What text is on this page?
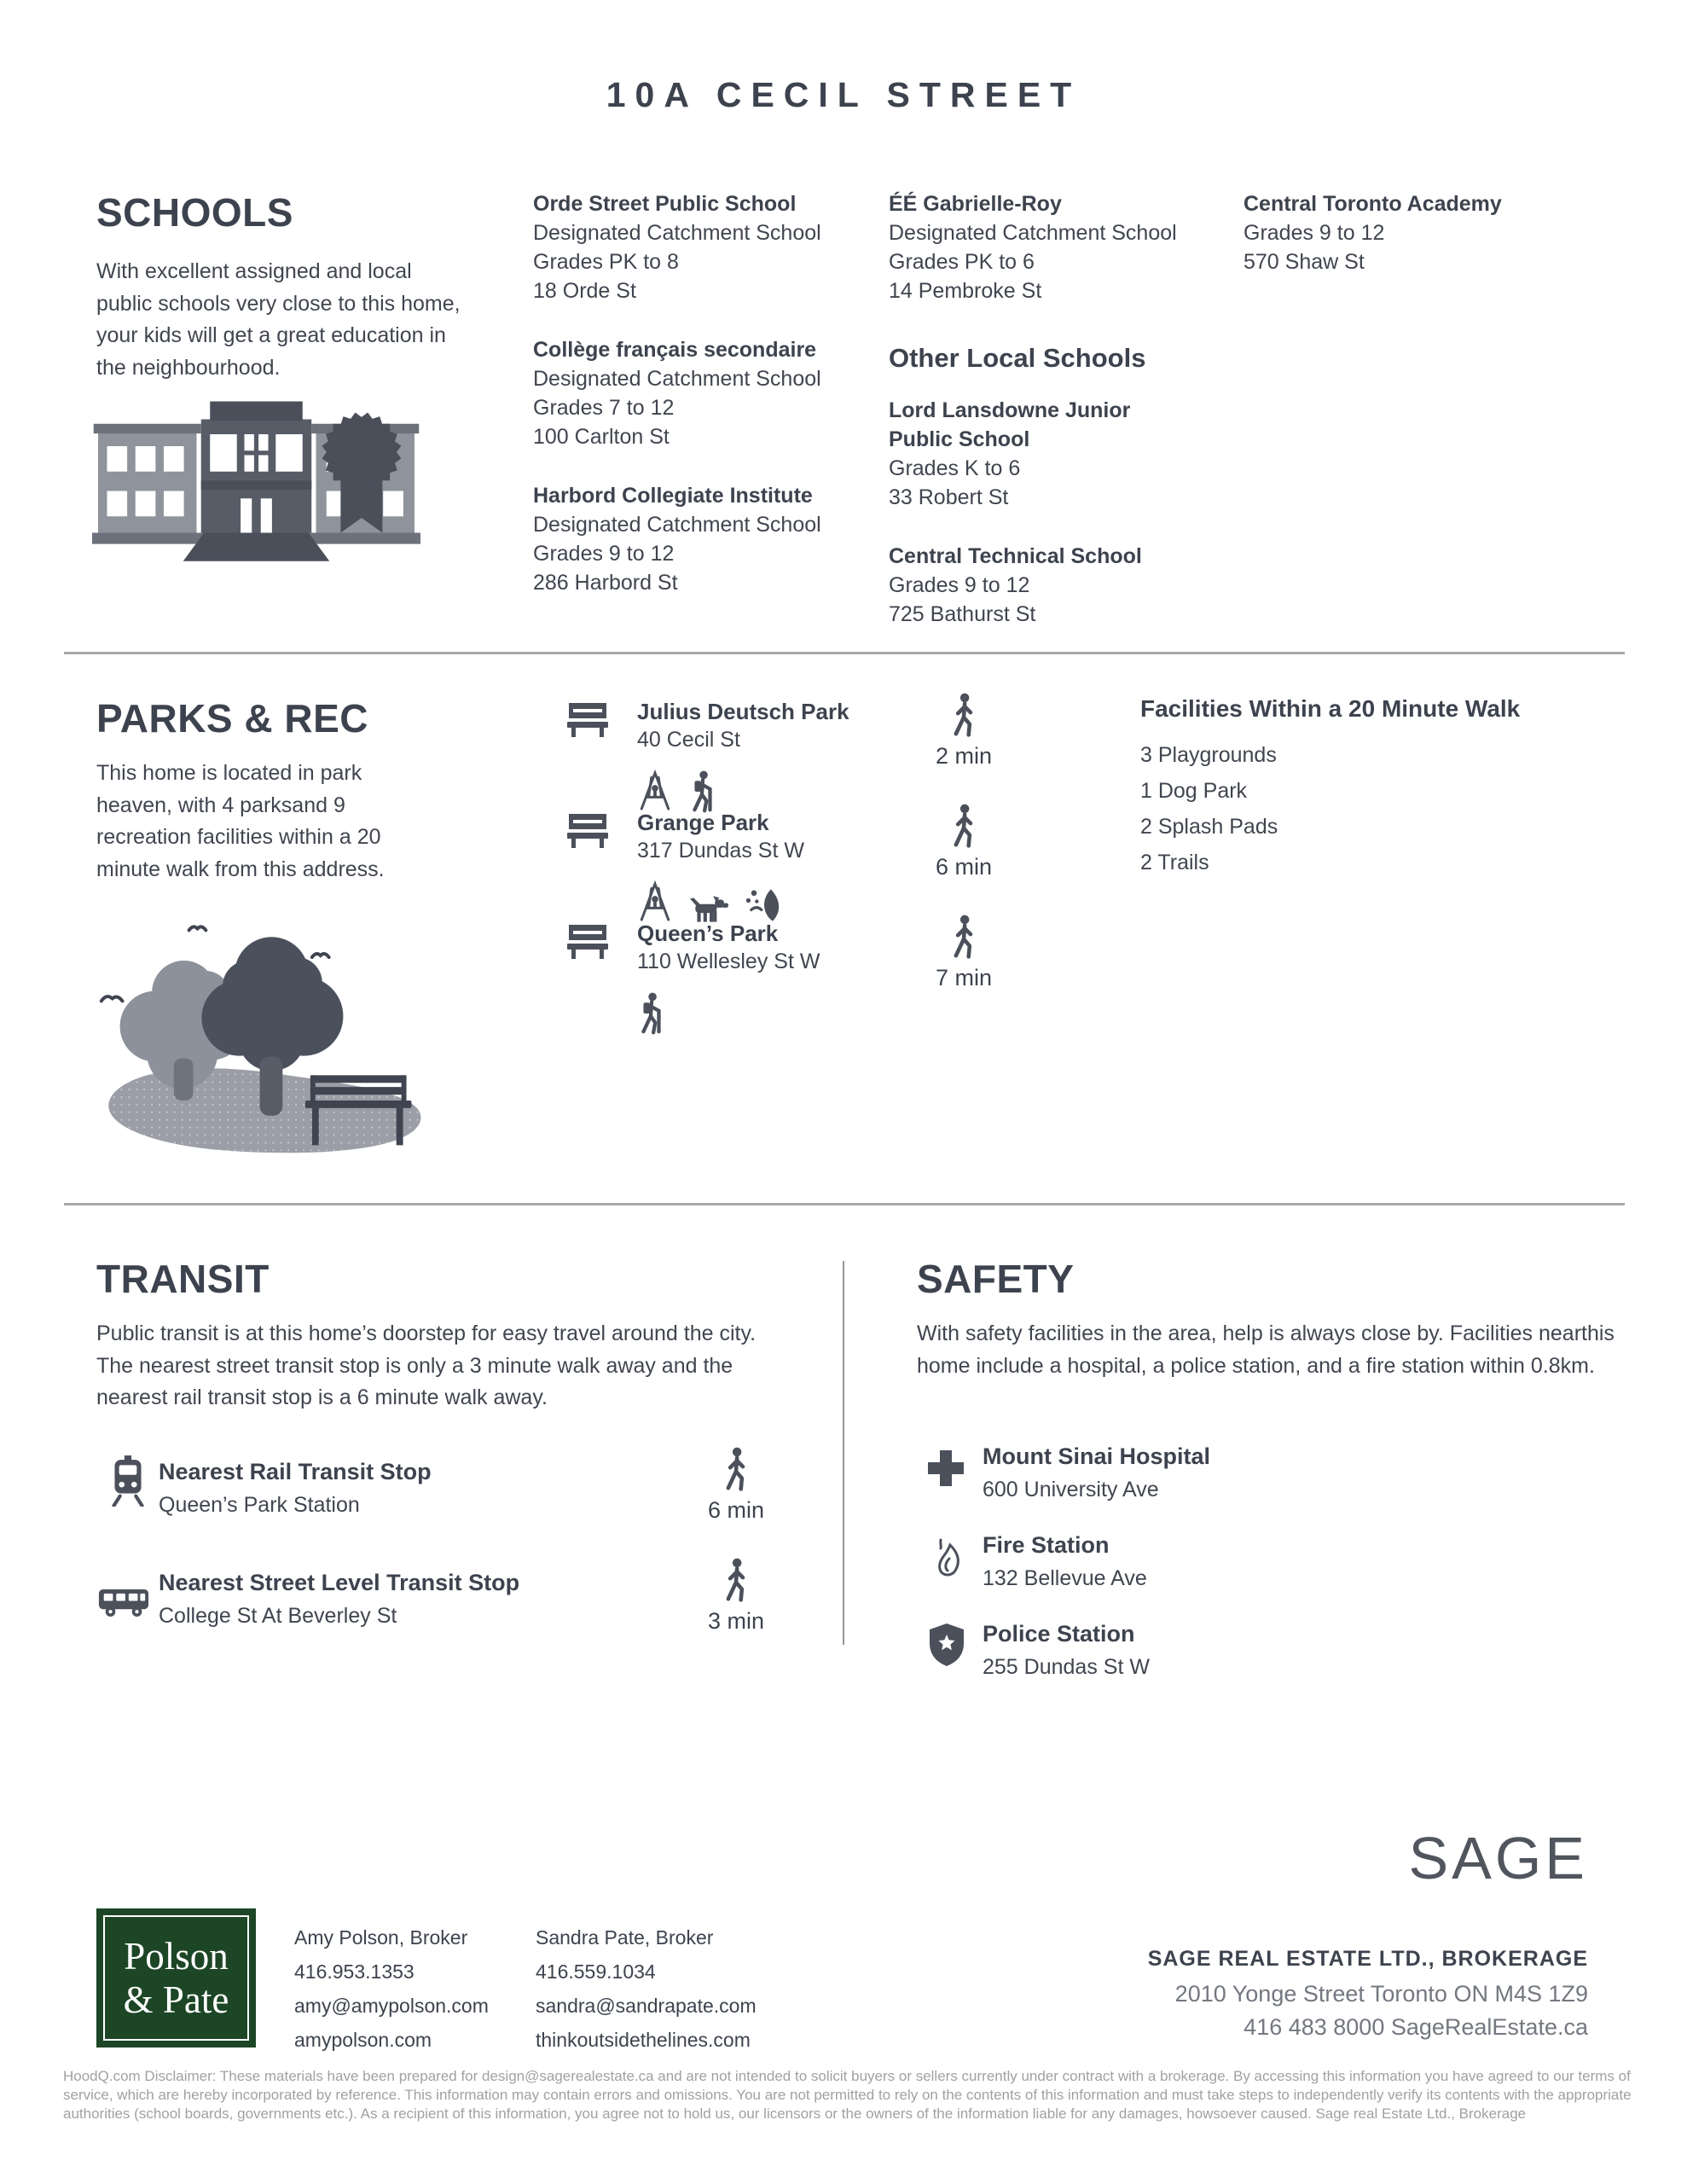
10A CECIL STREET
SCHOOLS
With excellent assigned and local public schools very close to this home, your kids will get a great education in the neighbourhood.
Orde Street Public School
Designated Catchment School
Grades PK to 8
18 Orde St
Collège français secondaire
Designated Catchment School
Grades 7 to 12
100 Carlton St
Harbord Collegiate Institute
Designated Catchment School
Grades 9 to 12
286 Harbord St
ÉÉ Gabrielle-Roy
Designated Catchment School
Grades PK to 6
14 Pembroke St
Other Local Schools
Lord Lansdowne Junior Public School
Grades K to 6
33 Robert St
Central Technical School
Grades 9 to 12
725 Bathurst St
Central Toronto Academy
Grades 9 to 12
570 Shaw St
PARKS & REC
This home is located in park heaven, with 4 parksand 9 recreation facilities within a 20 minute walk from this address.
Julius Deutsch Park
40 Cecil St
Grange Park
317 Dundas St W
Queen’s Park
110 Wellesley St W
2 min
6 min
7 min
Facilities Within a 20 Minute Walk
3 Playgrounds
1 Dog Park
2 Splash Pads
2 Trails
TRANSIT
Public transit is at this home’s doorstep for easy travel around the city. The nearest street transit stop is only a 3 minute walk away and the nearest rail transit stop is a 6 minute walk away.
Nearest Rail Transit Stop
Queen’s Park Station	6 min
Nearest Street Level Transit Stop
College St At Beverley St	3 min
SAFETY
With safety facilities in the area, help is always close by. Facilities nearthis home include a hospital, a police station, and a fire station within 0.8km.
Mount Sinai Hospital
600 University Ave
Fire Station
132 Bellevue Ave
Police Station
255 Dundas St W
Polson
& Pate
Amy Polson, Broker
416.953.1353
amy@amypolson.com
amypolson.com
Sandra Pate, Broker
416.559.1034
sandra@sandrapate.com
thinkoutsidethelines.com
SAGE
SAGE REAL ESTATE LTD., BROKERAGE
2010 Yonge Street Toronto ON M4S 1Z9
416 483 8000 SageRealEstate.ca
HoodQ.com Disclaimer: These materials have been prepared for design@sagerealestate.ca and are not intended to solicit buyers or sellers currently under contract with a brokerage. By accessing this information you have agreed to our terms of service, which are hereby incorporated by reference. This information may contain errors and omissions. You are not permitted to rely on the contents of this information and must take steps to independently verify its contents with the appropriate authorities (school boards, governments etc.). As a recipient of this information, you agree not to hold us, our licensors or the owners of the information liable for any damages, howsoever caused. Sage real Estate Ltd., Brokerage
